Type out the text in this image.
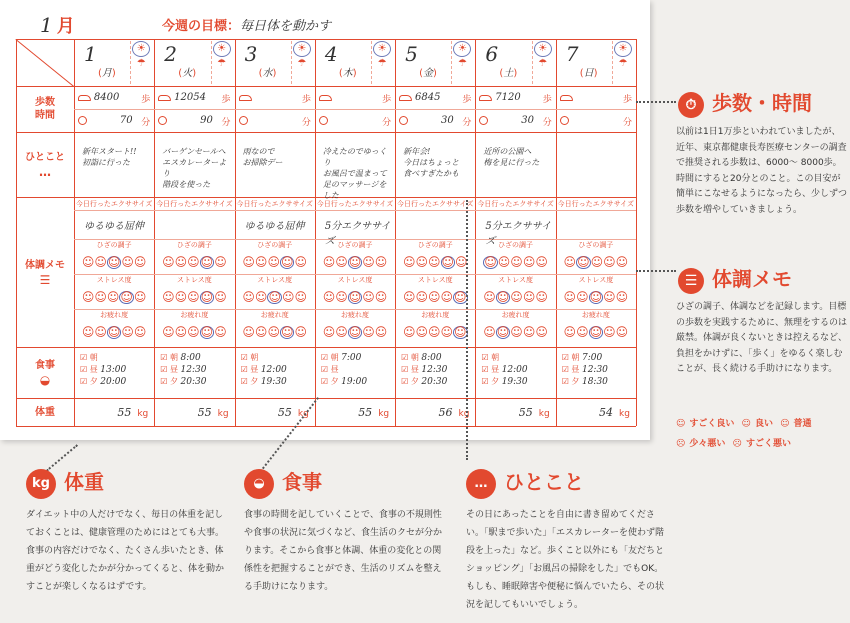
1 月	今週の目標：毎日体を動かす
歩数
時間
ひとこと
…
体調メモ
☰
食事
◒
体重
1
(月)
☀
☂
8400 歩
70 分
新年スタート!!
初詣に行った
今日行ったエクササイズ
ゆるゆる屈伸
ひざの調子
☺☺☺☺☺
ストレス度
☺☺☺☺☺
お疲れ度
☺☺☺☺☺
☑ 朝
☑ 昼 13:00
☑ 夕 20:00
55 kg
2
(火)
☀
☂
12054 歩
90 分
バーゲンセールへ
エスカレーターより
階段を使った
今日行ったエクササイズ
ひざの調子
☺☺☺☺☺
ストレス度
☺☺☺☺☺
お疲れ度
☺☺☺☺☺
☑ 朝 8:00
☑ 昼 12:30
☑ 夕 20:30
55 kg
3
(水)
☀
☂
歩
分
雨なので
お掃除デー
今日行ったエクササイズ
ゆるゆる屈伸
ひざの調子
☺☺☺☺☺
ストレス度
☺☺☺☺☺
お疲れ度
☺☺☺☺☺
☑ 朝
☑ 昼 12:00
☑ 夕 19:30
55 kg
4
(木)
☀
☂
歩
分
冷えたのでゆっくり
お風呂で温まって
足のマッサージをした
今日行ったエクササイズ
5分エクササイズ ひざの調子
☺☺☺☺☺
ストレス度
☺☺☺☺☺
お疲れ度
☺☺☺☺☺
☑ 朝 7:00
☑ 昼
☑ 夕 19:00
55 kg
5
(金)
☀
☂
6845 歩
30 分
新年会!
今日はちょっと
食べすぎたかも
今日行ったエクササイズ
ひざの調子
☺☺☺☺☺
ストレス度
☺☺☺☺☺
お疲れ度
☺☺☺☺☺
☑ 朝 8:00
☑ 昼 12:30
☑ 夕 20:30
56 kg
6
(土)
☀
☂
7120 歩
30 分
近所の公園へ
梅を見に行った
今日行ったエクササイズ
5分エクササイズ ひざの調子
☺☺☺☺☺
ストレス度
☺☺☺☺☺
お疲れ度
☺☺☺☺☺
☑ 朝
☑ 昼 12:00
☑ 夕 19:30
55 kg
7
(日)
☀
☂
歩
分
今日行ったエクササイズ
ひざの調子
☺☺☺☺☺
ストレス度
☺☺☺☺☺
お疲れ度
☺☺☺☺☺
☑ 朝 7:00
☑ 昼 12:30
☑ 夕 18:30
54 kg
⏱ 歩数・時間
以前は1日1万歩といわれていましたが、近年、東京都健康長寿医療センターの調査で推奨される歩数は、6000～ 8000歩。時間にすると20分とのこと。この目安が簡単にこなせるようになったら、少しずつ歩数を増やしていきましょう。
☰ 体調メモ
ひざの調子、体調などを記録します。目標の歩数を実践するために、無理をするのは厳禁。体調が良くないときは控えるなど、負担をかけずに、「歩く」をゆるく楽しむことが、長く続ける手助けになります。
☺ すごく良い ☺ 良い ☺ 普通
☹ 少々悪い ☹ すごく悪い
kg 体重
ダイエット中の人だけでなく、毎日の体重を記しておくことは、健康管理のためにはとても大事。食事の内容だけでなく、たくさん歩いたとき、体重がどう変化したかが分かってくると、体を動かすことが楽しくなるはずです。
◒ 食事
食事の時間を記していくことで、食事の不規則性や食事の状況に気づくなど、食生活のクセが分かります。そこから食事と体調、体重の変化との関係性を把握することができ、生活のリズムを整える手助けになります。
… ひとこと
その日にあったことを自由に書き留めてください。「駅まで歩いた」「エスカレーターを使わず階段を上った」など。歩くこと以外にも「友だちとショッピング」「お風呂の掃除をした」でもOK。もしも、睡眠障害や便秘に悩んでいたら、その状況を記してもいいでしょう。
